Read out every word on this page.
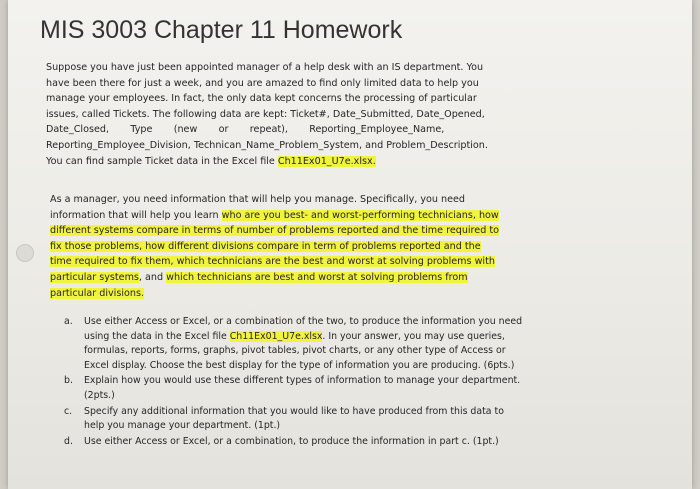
MIS 3003 Chapter 11 Homework

Suppose you have just been appointed manager of a help desk with an IS department. You
have been there for just a week, and you are amazed to find only limited data to help you
manage your employees. In fact, the only data kept concerns the processing of particular
issues, called Tickets. The following data are kept: Ticket#, Date_Submitted, Date_Opened,
Date_Closed,       Type       (new       or       repeat),       Reporting_Employee_Name,
Reporting_Employee_Division, Technican_Name_Problem_System, and Problem_Description.
You can find sample Ticket data in the Excel file Ch11Ex01_U7e.xlsx.

As a manager, you need information that will help you manage. Specifically, you need
information that will help you learn who are you best- and worst-performing technicians, how
different systems compare in terms of number of problems reported and the time required to
fix those problems, how different divisions compare in term of problems reported and the
time required to fix them, which technicians are the best and worst at solving problems with
particular systems, and which technicians are best and worst at solving problems from
particular divisions.

a. Use either Access or Excel, or a combination of the two, to produce the information you need using the data in the Excel file Ch11Ex01_U7e.xlsx. In your answer, you may use queries, formulas, reports, forms, graphs, pivot tables, pivot charts, or any other type of Access or Excel display. Choose the best display for the type of information you are producing. (6pts.)
b. Explain how you would use these different types of information to manage your department. (2pts.)
c. Specify any additional information that you would like to have produced from this data to help you manage your department. (1pt.)
d. Use either Access or Excel, or a combination, to produce the information in part c. (1pt.)
